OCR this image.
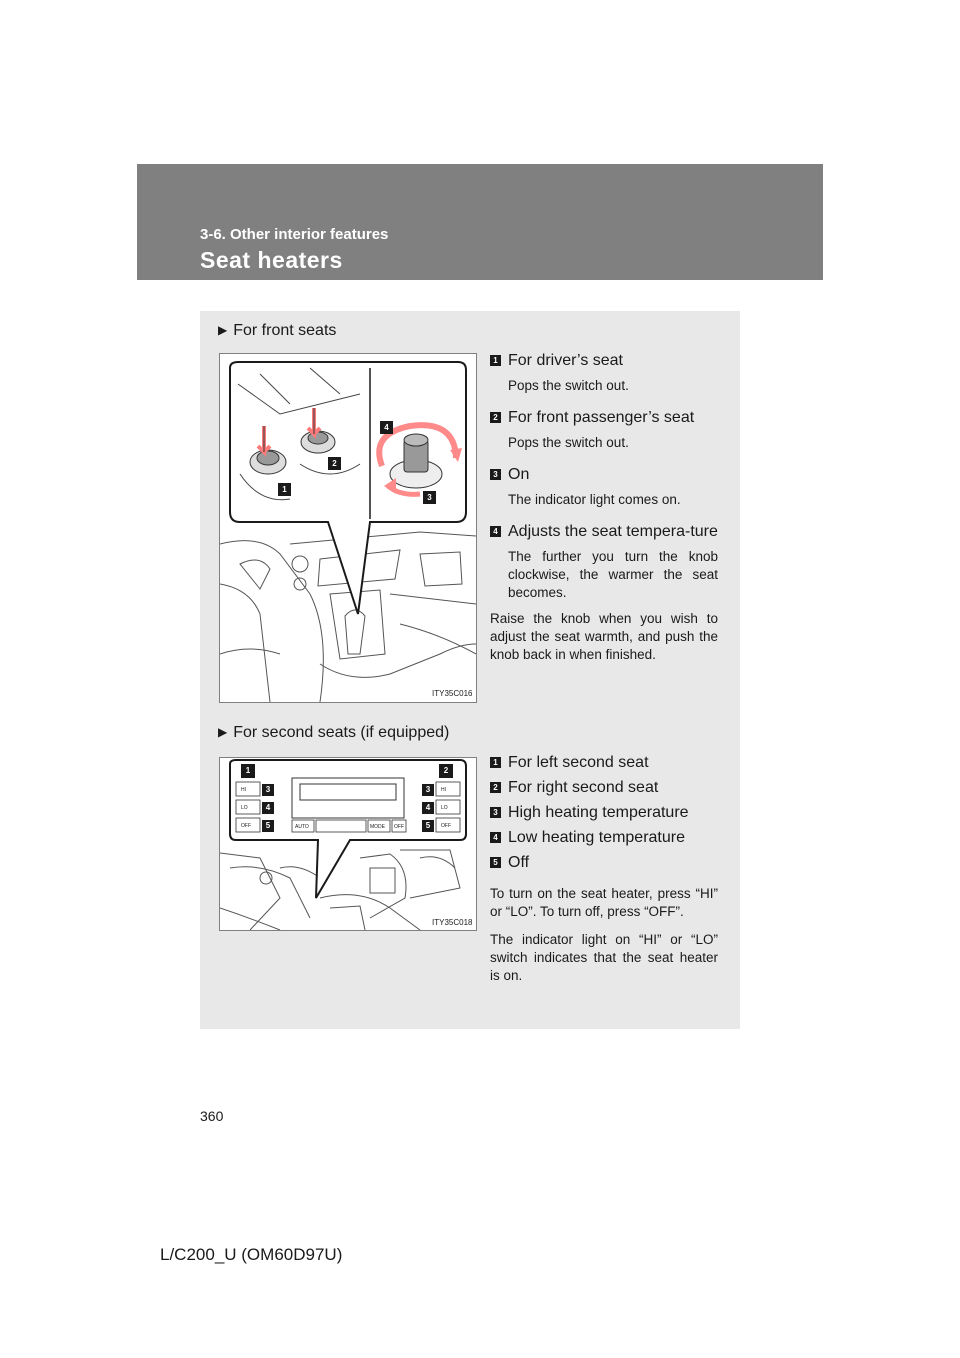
3-6. Other interior features
Seat heaters
▶ For front seats
1
2
4
3
ITY35C016
1 For driver’s seat
Pops the switch out.
2 For front passenger’s seat
Pops the switch out.
3 On
The indicator light comes on.
4 Adjusts the seat tempera-ture
The further you turn the knob clockwise, the warmer the seat becomes.
Raise the knob when you wish to adjust the seat warmth, and push the knob back in when finished.
▶ For second seats (if equipped)
HI
LO
OFF
HI
LO
OFF
AUTO	MODE OFF
1	2
3
4
5
3
4
5
ITY35C018
1 For left second seat
2 For right second seat
3 High heating temperature
4 Low heating temperature
5 Off
To turn on the seat heater, press “HI” or “LO”. To turn off, press “OFF”.
The indicator light on “HI” or “LO” switch indicates that the seat heater is on.
360
L/C200_U (OM60D97U)
